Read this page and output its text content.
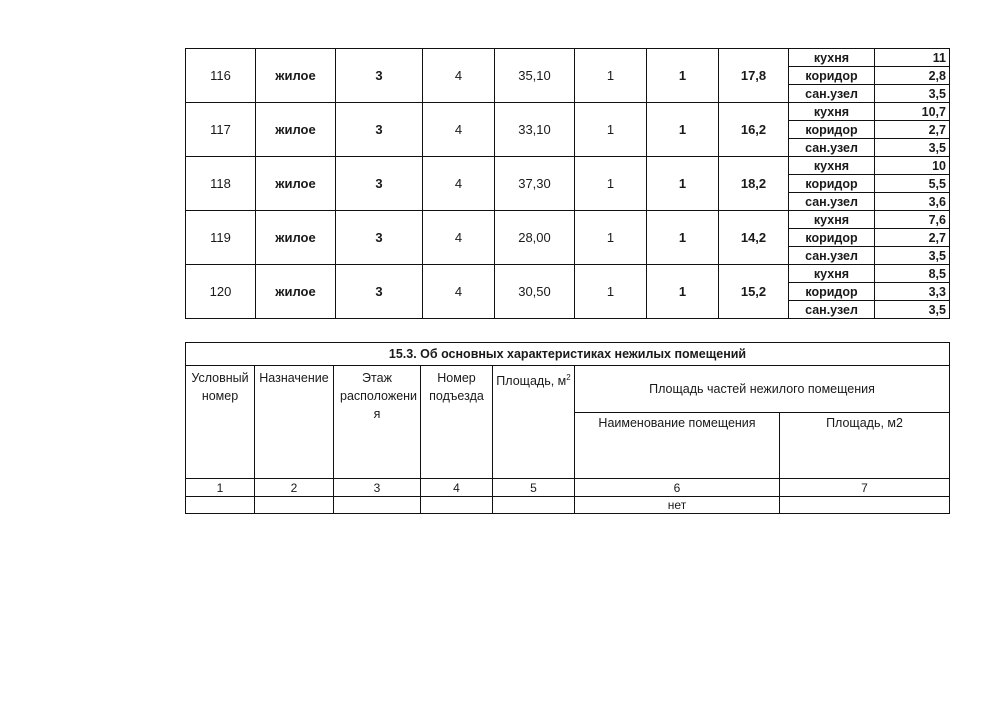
116	жилое	3	4	35,10	1	1	17,8	кухня	11
								коридор	2,8
								сан.узел	3,5
117	жилое	3	4	33,10	1	1	16,2	кухня	10,7
								коридор	2,7
								сан.узел	3,5
118	жилое	3	4	37,30	1	1	18,2	кухня	10
								коридор	5,5
								сан.узел	3,6
119	жилое	3	4	28,00	1	1	14,2	кухня	7,6
								коридор	2,7
								сан.узел	3,5
120	жилое	3	4	30,50	1	1	15,2	кухня	8,5
								коридор	3,3
								сан.узел	3,5
15.3. Об основных характеристиках нежилых помещений						
Условный номер	Назначение	Этаж расположени я	Номер подъезда	Площадь, $м^2$	Площадь частей нежилого помещения	
					Наименование помещения	Площадь, м2
1	2	3	4	5	6	7
					нет	
